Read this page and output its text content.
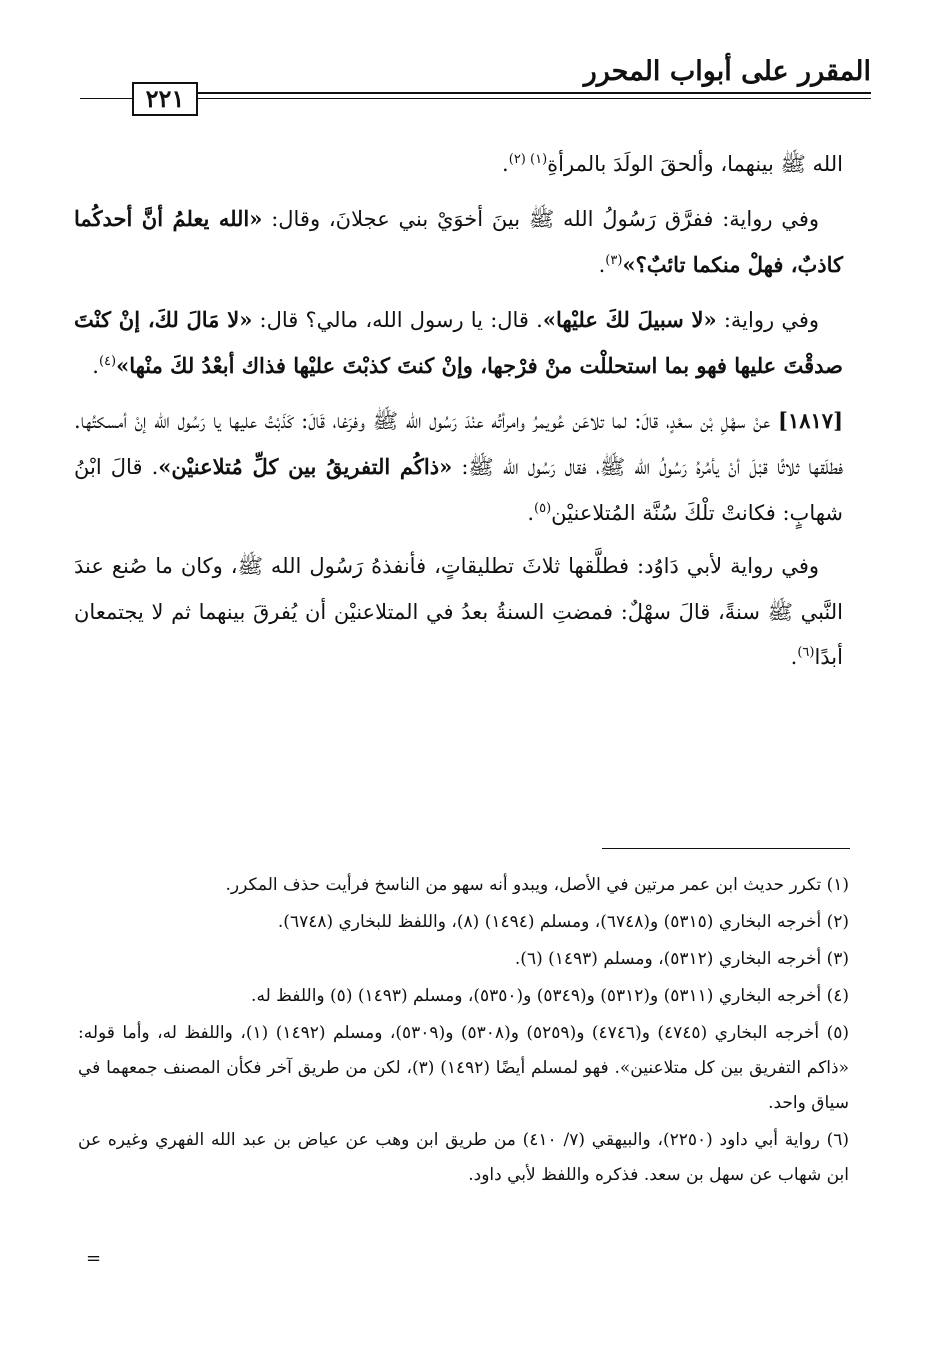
المقرر على أبواب المحرر
٢٢١

الله ﷺ بينهما، وألحقَ الولَدَ بالمرأةِ$^{(١) (٢)}$.

وفي رواية: ففرَّق رَسُولُ الله ﷺ بينَ أخوَيْ بني عجلانَ، وقال: «الله يعلمُ أنَّ أحدكُما كاذبٌ، فهلْ منكما تائبٌ؟»$^{(٣)}$.

وفي رواية: «لا سبيلَ لكَ عليْها». قال: يا رسول الله، مالي؟ قال: «لا مَالَ لكَ، إنْ كنْتَ صدقْتَ عليها فهو بما استحللْت منْ فرْجها، وإنْ كنتَ كذبْتَ عليْها فذاك أبعْدُ لكَ منْها»$^{(٤)}$.

[١٨١٧] عنْ سهْلِ بْن سعْدٍ، قالَ: لما تلاعَن عُويمرُ وامرأتُه عنْدَ رَسُول الله ﷺ وفرَغا، قَالَ: كَذَبْتُ عليها يا رَسُول الله إنْ أمسكتُها. فطلَقها ثلاثًا قبْلَ أنْ يأمُرهُ رَسُولُ الله ﷺ، فقال رَسُول الله ﷺ: «ذاكُم التفريقُ بين كلِّ مُتلاعنيْن». قالَ ابْنُ شهابٍ: فكانتْ تلْكَ سُنَّة المُتلاعنيْن$^{(٥)}$.

وفي رواية لأبي دَاوُد: فطلَّقها ثلاثَ تطليقاتٍ، فأنفذهُ رَسُول الله ﷺ، وكان ما صُنع عندَ النَّبي ﷺ سنةً، قالَ سهْلٌ: فمضتِ السنةُ بعدُ في المتلاعنيْن أن يُفرقَ بينهما ثم لا يجتمعان أبدًا$^{(٦)}$.

(١) تكرر حديث ابن عمر مرتين في الأصل، ويبدو أنه سهو من الناسخ فرأيت حذف المكرر.

(٢) أخرجه البخاري (٥٣١٥) و(٦٧٤٨)، ومسلم (١٤٩٤) (٨)، واللفظ للبخاري (٦٧٤٨).

(٣) أخرجه البخاري (٥٣١٢)، ومسلم (١٤٩٣) (٦).

(٤) أخرجه البخاري (٥٣١١) و(٥٣١٢) و(٥٣٤٩) و(٥٣٥٠)، ومسلم (١٤٩٣) (٥) واللفظ له.

(٥) أخرجه البخاري (٤٧٤٥) و(٤٧٤٦) و(٥٢٥٩) و(٥٣٠٨) و(٥٣٠٩)، ومسلم (١٤٩٢) (١)، واللفظ له، وأما قوله: «ذاكم التفريق بين كل متلاعنين». فهو لمسلم أيضًا (١٤٩٢) (٣)، لكن من طريق آخر فكأن المصنف جمعهما في سياق واحد.

(٦) رواية أبي داود (٢٢٥٠)، والبيهقي (٧/ ٤١٠) من طريق ابن وهب عن عياض بن عبد الله الفهري وغيره عن ابن شهاب عن سهل بن سعد. فذكره واللفظ لأبي داود.

=
